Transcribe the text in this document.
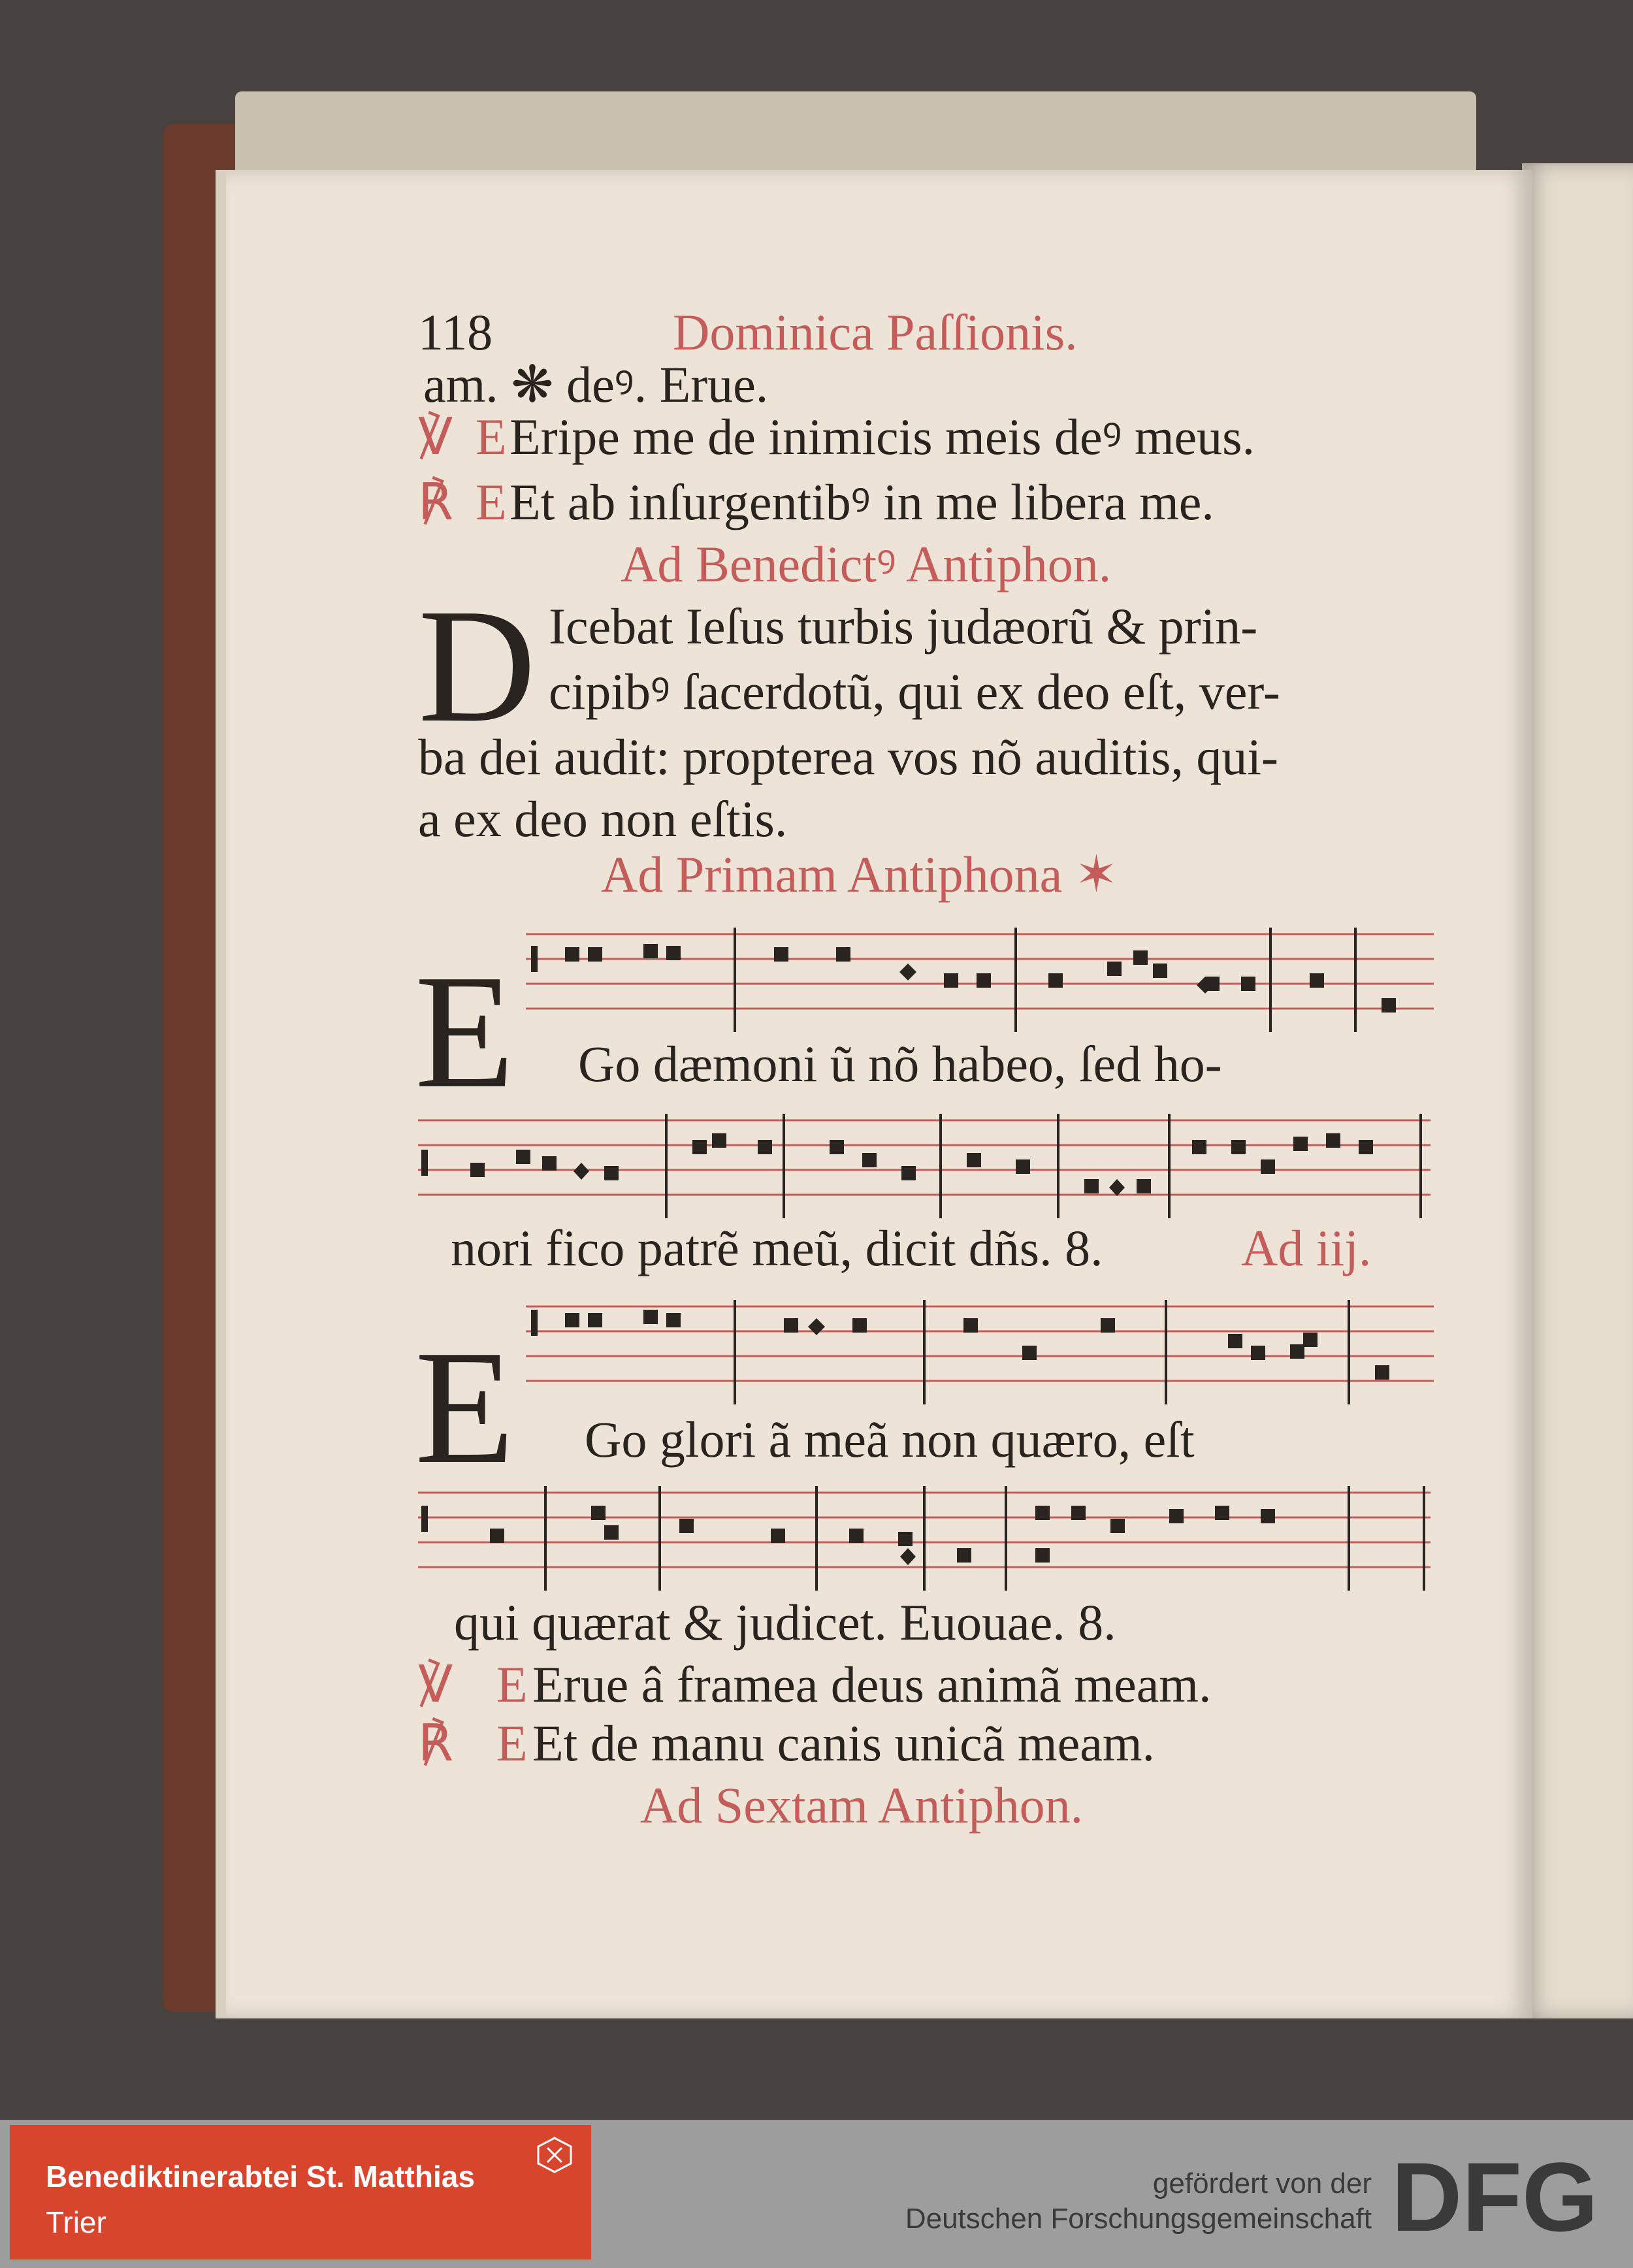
118	Dominica Paſſionis.
am. ❋ deꝰ. Erue.
℣ E Eripe me de inimicis meis deꝰ meus.
℟ E Et ab inſurgentibꝰ in me libera me.
Ad Benedictꝰ Antiphon.
D Icebat Ieſus turbis judæorũ & prin-
cipibꝰ ſacerdotũ, qui ex deo eſt, ver-
ba dei audit: propterea vos nõ auditis, qui-
a ex deo non eſtis.
Ad Primam Antiphona ✶
E Go dæmoni ũ nõ habeo, ſed ho-
nori fico patrẽ meũ, dicit dñs. 8.	Ad iij.
E Go glori ã meã non quæro, eſt
qui quærat & judicet. Euouae. 8.
℣ E Erue â framea deus animã meam.
℟ E Et de manu canis unicã meam.
Ad Sextam Antiphon.
Benediktinerabtei St. Matthias
Trier
gefördert von der
Deutschen Forschungsgemeinschaft DFG
